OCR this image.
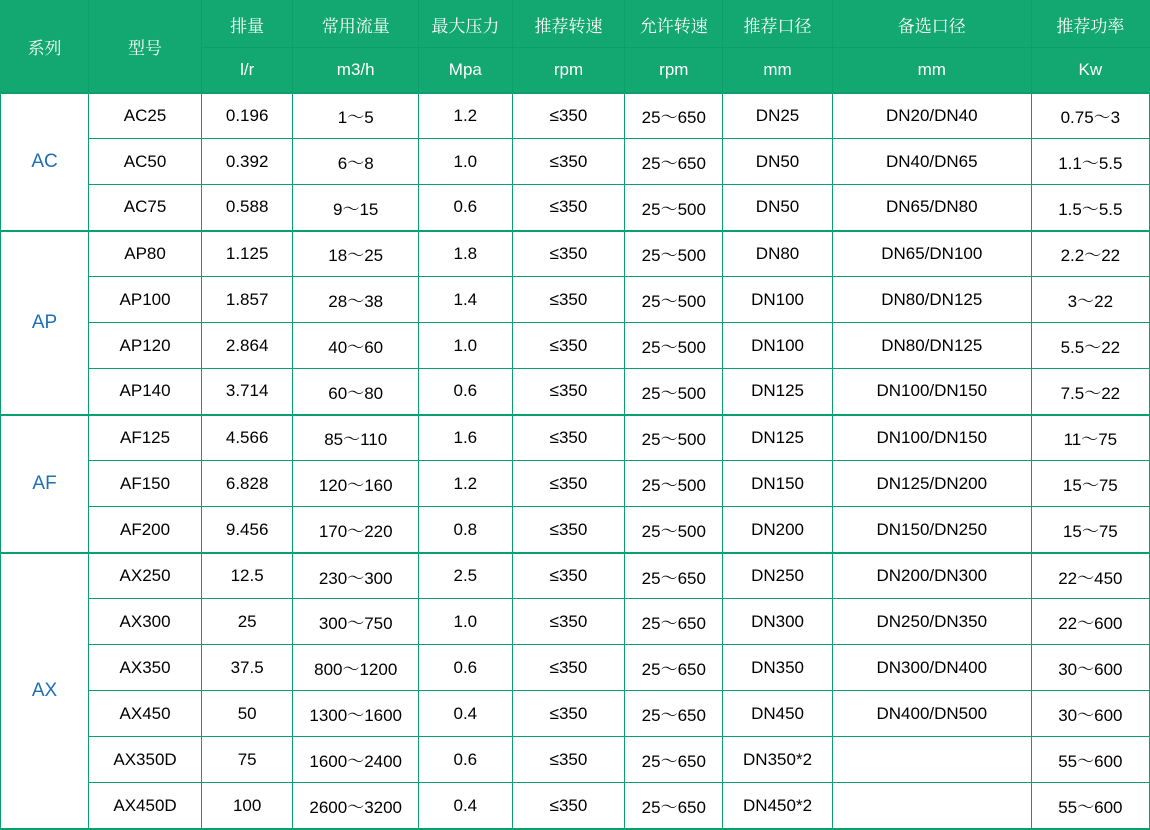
系列	型号	排量	常用流量	最大压力	推荐转速	允许转速	推荐口径	备选口径	推荐功率
		l/r	m3/h	Mpa	rpm	rpm	mm	mm	Kw
AC	AC25	0.196	1～5	1.2	≤350	25～650	DN25	DN20/DN40	0.75～3
	AC50	0.392	6～8	1.0	≤350	25～650	DN50	DN40/DN65	1.1～5.5
	AC75	0.588	9～15	0.6	≤350	25～500	DN50	DN65/DN80	1.5～5.5
AP	AP80	1.125	18～25	1.8	≤350	25～500	DN80	DN65/DN100	2.2～22
	AP100	1.857	28～38	1.4	≤350	25～500	DN100	DN80/DN125	3～22
	AP120	2.864	40～60	1.0	≤350	25～500	DN100	DN80/DN125	5.5～22
	AP140	3.714	60～80	0.6	≤350	25～500	DN125	DN100/DN150	7.5～22
AF	AF125	4.566	85～110	1.6	≤350	25～500	DN125	DN100/DN150	11～75
	AF150	6.828	120～160	1.2	≤350	25～500	DN150	DN125/DN200	15～75
	AF200	9.456	170～220	0.8	≤350	25～500	DN200	DN150/DN250	15～75
AX	AX250	12.5	230～300	2.5	≤350	25～650	DN250	DN200/DN300	22～450
	AX300	25	300～750	1.0	≤350	25～650	DN300	DN250/DN350	22～600
	AX350	37.5	800～1200	0.6	≤350	25～650	DN350	DN300/DN400	30～600
	AX450	50	1300～1600	0.4	≤350	25～650	DN450	DN400/DN500	30～600
	AX350D	75	1600～2400	0.6	≤350	25～650	DN350*2		55～600
	AX450D	100	2600～3200	0.4	≤350	25～650	DN450*2		55～600
